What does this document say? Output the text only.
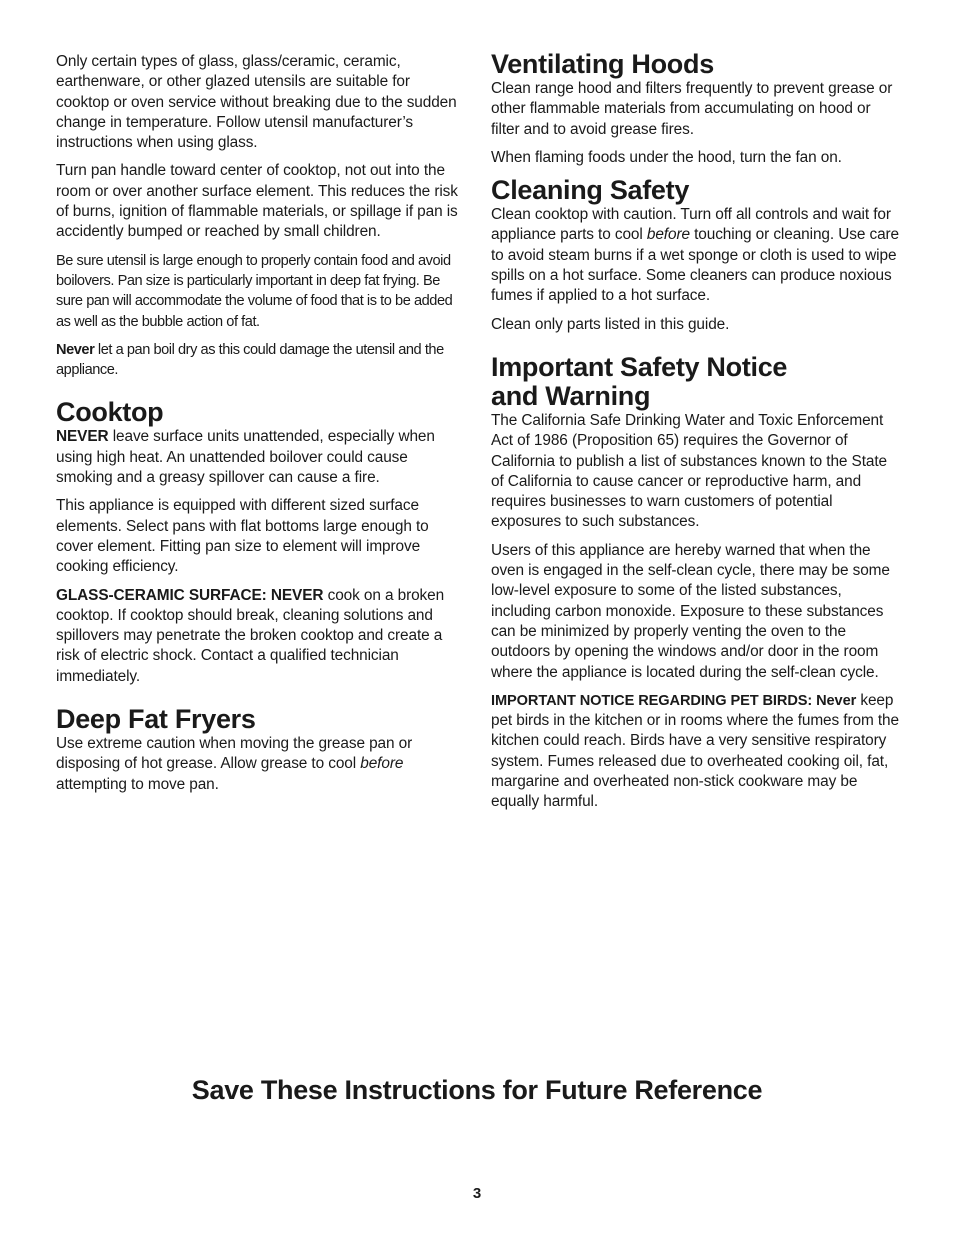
Only certain types of glass, glass/ceramic, ceramic, earthenware, or other glazed utensils are suitable for cooktop or oven service without breaking due to the sudden change in temperature. Follow utensil manufacturer’s instructions when using glass.

Turn pan handle toward center of cooktop, not out into the room or over another surface element. This reduces the risk of burns, ignition of flammable materials, or spillage if pan is accidently bumped or reached by small children.

Be sure utensil is large enough to properly contain food and avoid boilovers. Pan size is particularly important in deep fat frying. Be sure pan will accommodate the volume of food that is to be added as well as the bubble action of fat.

Never let a pan boil dry as this could damage the utensil and the appliance.

Cooktop

NEVER leave surface units unattended, especially when using high heat. An unattended boilover could cause smoking and a greasy spillover can cause a fire.

This appliance is equipped with different sized surface elements. Select pans with flat bottoms large enough to cover element. Fitting pan size to element will improve cooking efficiency.

GLASS-CERAMIC SURFACE: NEVER cook on a broken cooktop. If cooktop should break, cleaning solutions and spillovers may penetrate the broken cooktop and create a risk of electric shock. Contact a qualified technician immediately.

Deep Fat Fryers

Use extreme caution when moving the grease pan or disposing of hot grease. Allow grease to cool before attempting to move pan.

Ventilating Hoods

Clean range hood and filters frequently to prevent grease or other flammable materials from accumulating on hood or filter and to avoid grease fires.

When flaming foods under the hood, turn the fan on.

Cleaning Safety

Clean cooktop with caution. Turn off all controls and wait for appliance parts to cool before touching or cleaning. Use care to avoid steam burns if a wet sponge or cloth is used to wipe spills on a hot surface. Some cleaners can produce noxious fumes if applied to a hot surface.

Clean only parts listed in this guide.

Important Safety Notice
and Warning

The California Safe Drinking Water and Toxic Enforcement Act of 1986 (Proposition 65) requires the Governor of California to publish a list of substances known to the State of California to cause cancer or reproductive harm, and requires businesses to warn customers of potential exposures to such substances.

Users of this appliance are hereby warned that when the oven is engaged in the self-clean cycle, there may be some low-level exposure to some of the listed substances, including carbon monoxide. Exposure to these substances can be minimized by properly venting the oven to the outdoors by opening the windows and/or door in the room where the appliance is located during the self-clean cycle.

IMPORTANT NOTICE REGARDING PET BIRDS: Never keep pet birds in the kitchen or in rooms where the fumes from the kitchen could reach. Birds have a very sensitive respiratory system. Fumes released due to overheated cooking oil, fat, margarine and overheated non-stick cookware may be equally harmful.

Save These Instructions for Future Reference
3
